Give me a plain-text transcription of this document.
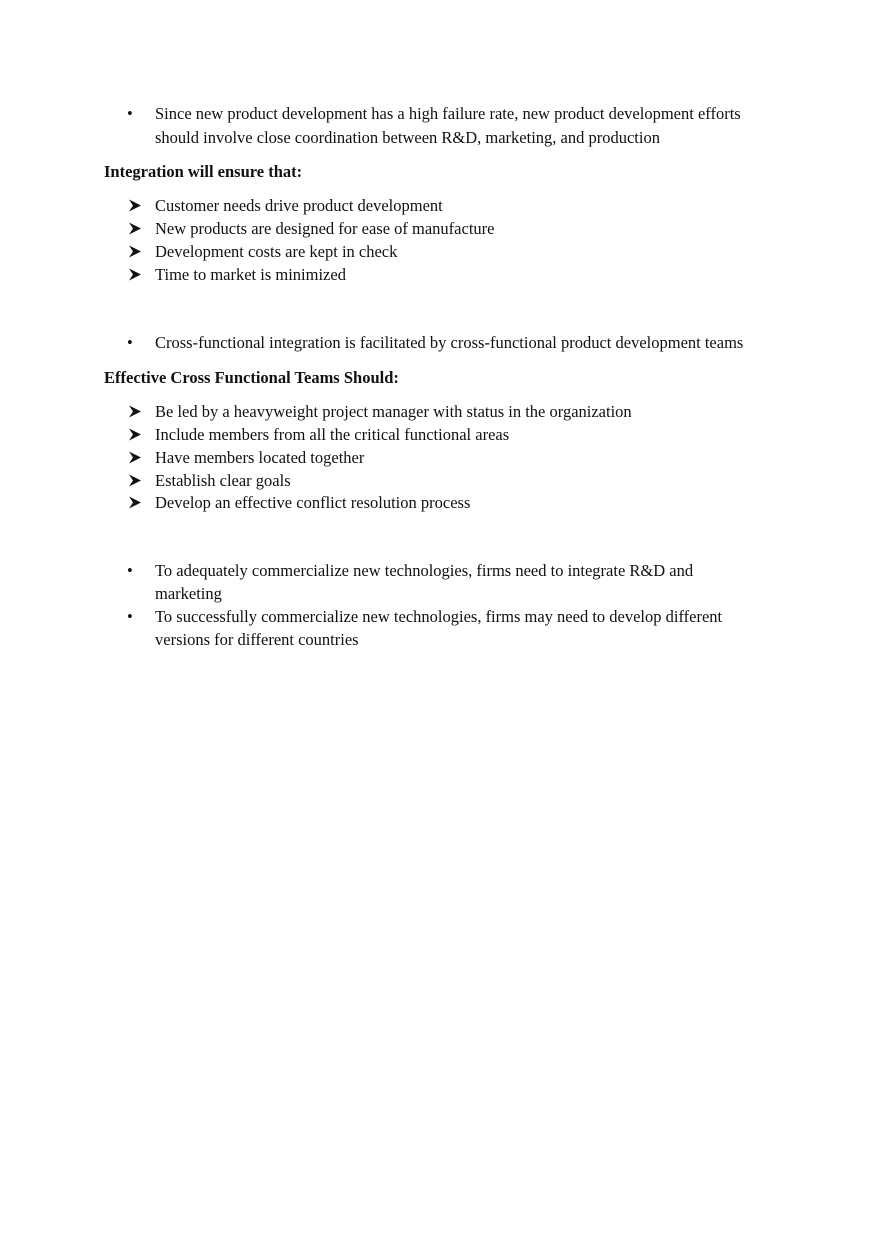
• Since new product development has a high failure rate, new product development efforts
should involve close coordination between R&D, marketing, and production
Integration will ensure that:
Customer needs drive product development
New products are designed for ease of manufacture
Development costs are kept in check
Time to market is minimized
• Cross-functional integration is facilitated by cross-functional product development teams
Effective Cross Functional Teams Should:
Be led by a heavyweight project manager with status in the organization
Include members from all the critical functional areas
Have members located together
Establish clear goals
Develop an effective conflict resolution process
• To adequately commercialize new technologies, firms need to integrate R&D and
marketing
• To successfully commercialize new technologies, firms may need to develop different
versions for different countries
